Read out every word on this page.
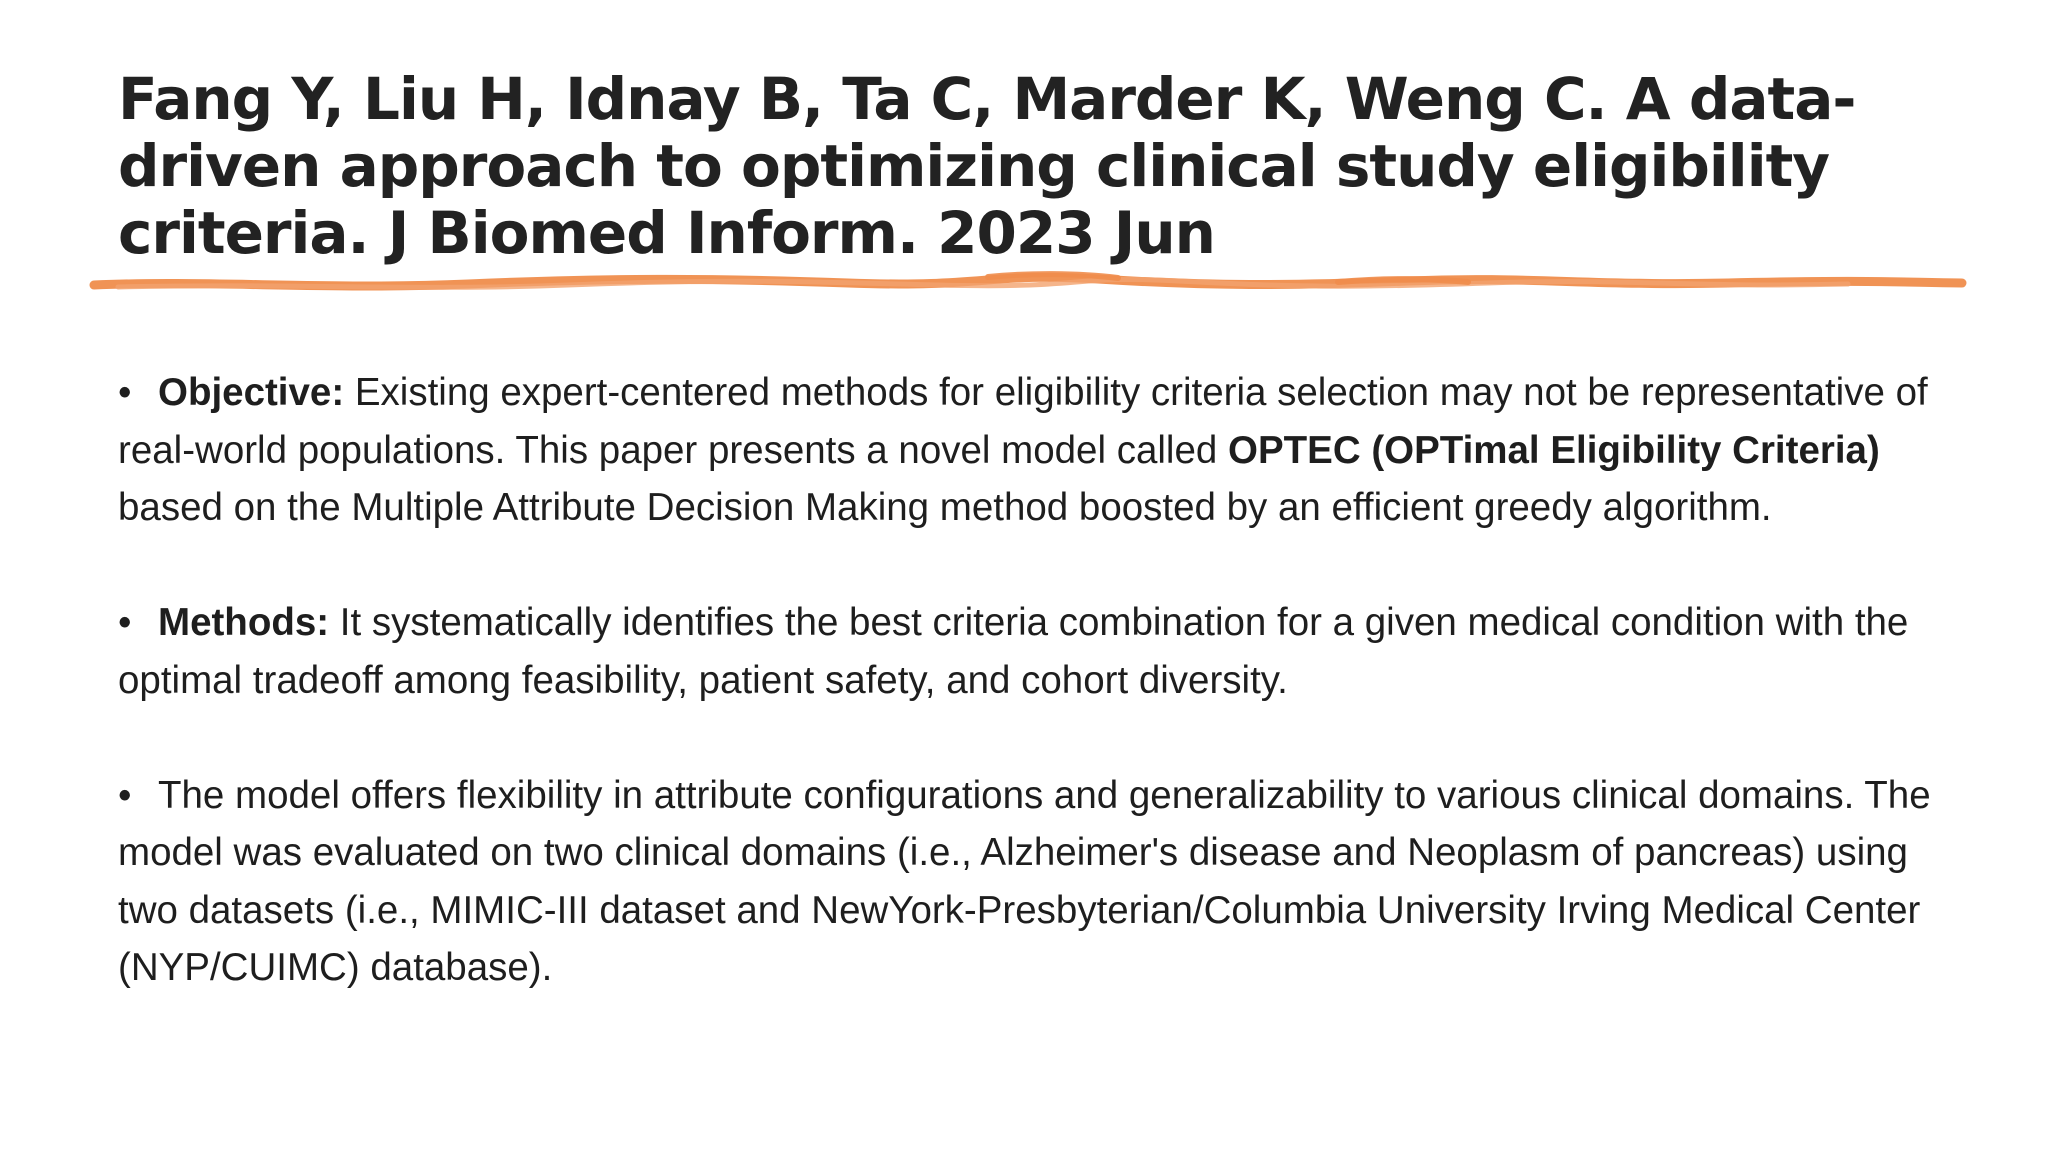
Fang Y, Liu H, Idnay B, Ta C, Marder K, Weng C. A data-driven approach to optimizing clinical study eligibility criteria. J Biomed Inform. 2023 Jun

• Objective: Existing expert-centered methods for eligibility criteria selection may not be representative of real-world populations. This paper presents a novel model called OPTEC (OPTimal Eligibility Criteria) based on the Multiple Attribute Decision Making method boosted by an efficient greedy algorithm.

• Methods: It systematically identifies the best criteria combination for a given medical condition with the optimal tradeoff among feasibility, patient safety, and cohort diversity.

• The model offers flexibility in attribute configurations and generalizability to various clinical domains. The model was evaluated on two clinical domains (i.e., Alzheimer's disease and Neoplasm of pancreas) using two datasets (i.e., MIMIC-III dataset and NewYork-Presbyterian/Columbia University Irving Medical Center (NYP/CUIMC) database).
